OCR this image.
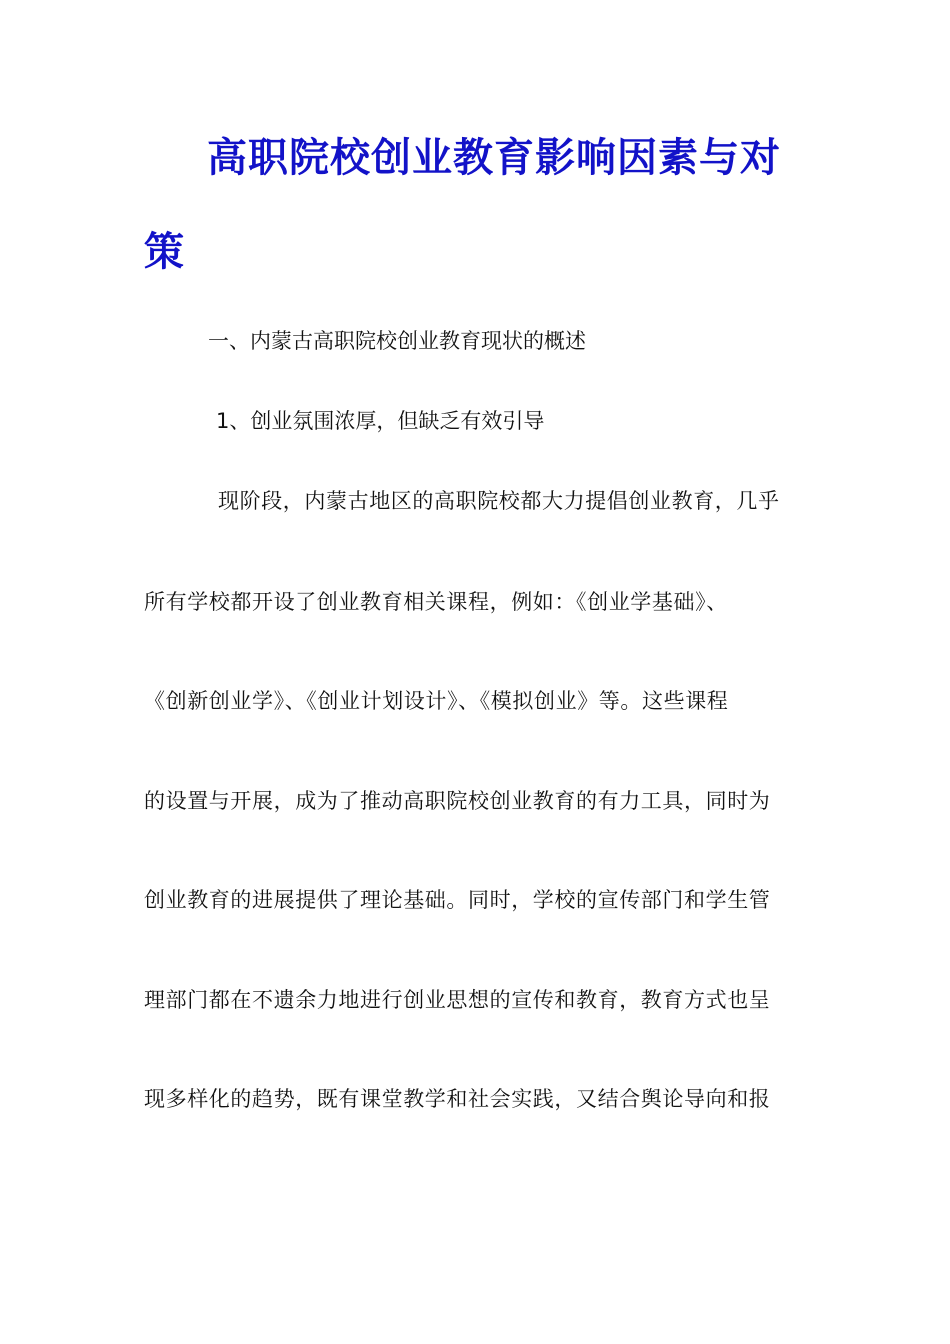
高职院校创业教育影响因素与对
策

一、内蒙古高职院校创业教育现状的概述

1、创业氛围浓厚，但缺乏有效引导

现阶段，内蒙古地区的高职院校都大力提倡创业教育，几乎

所有学校都开设了创业教育相关课程，例如：《创业学基础》、

《创新创业学》、《创业计划设计》、《模拟创业》等。这些课程

的设置与开展，成为了推动高职院校创业教育的有力工具，同时为

创业教育的进展提供了理论基础。同时，学校的宣传部门和学生管

理部门都在不遗余力地进行创业思想的宣传和教育，教育方式也呈

现多样化的趋势，既有课堂教学和社会实践，又结合舆论导向和报
